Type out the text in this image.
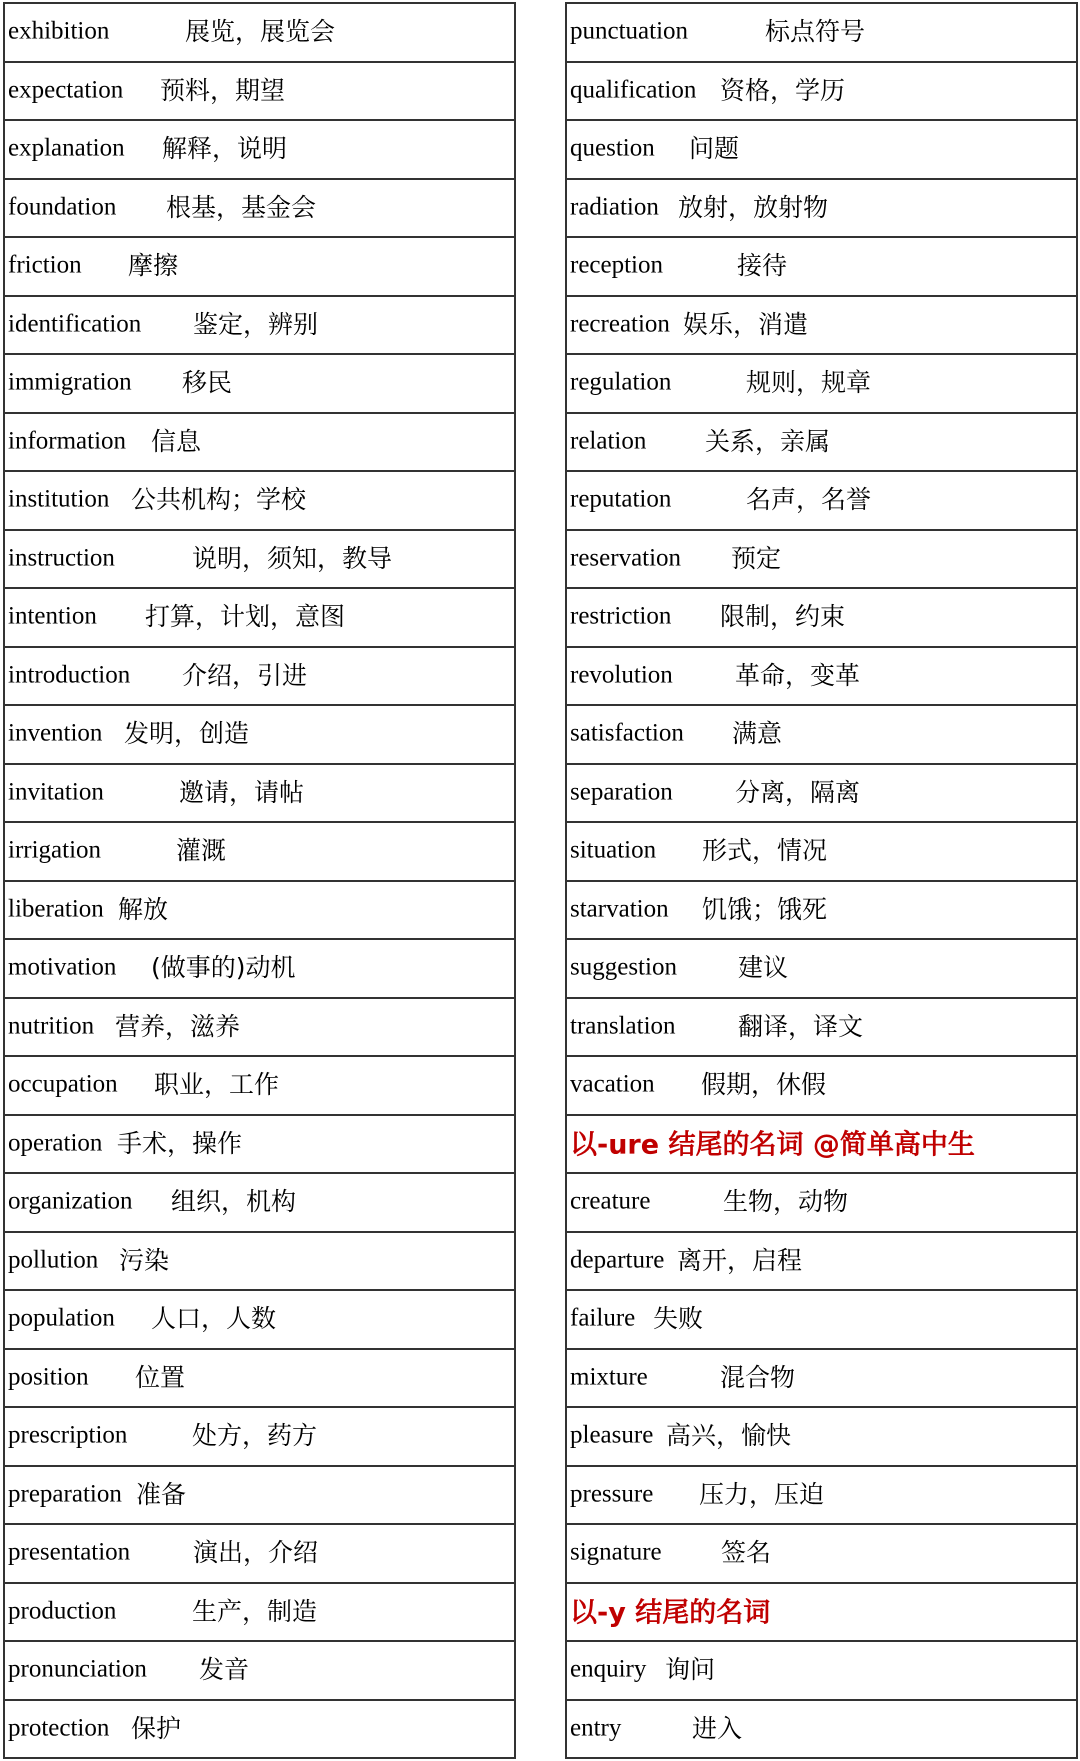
exhibition	展览，展览会
expectation 预料，期望
explanation 解释，说明
foundation 根基，基金会
friction 摩擦
identification 鉴定，辨别
immigration 移民
information 信息
institution 公共机构；学校
instruction	说明，须知，教导
intention 打算，计划，意图
introduction 介绍，引进
invention 发明，创造
invitation	邀请，请帖
irrigation	灌溉
liberation 解放
motivation (做事的)动机
nutrition 营养，滋养
occupation 职业，工作
operation 手术，操作
organization 组织，机构
pollution 污染
population 人口，人数
position 位置
prescription	处方，药方
preparation 准备
presentation	演出，介绍
production	生产，制造
pronunciation 发音
protection 保护
punctuation	标点符号
qualification 资格，学历
question 问题
radiation 放射，放射物
reception	接待
recreation 娱乐，消遣
regulation	规则，规章
relation 关系，亲属
reputation	名声，名誉
reservation 预定
restriction 限制，约束
revolution 革命，变革
satisfaction 满意
separation 分离，隔离
situation 形式，情况
starvation 饥饿；饿死
suggestion 建议
translation 翻译，译文
vacation 假期，休假
以-ure 结尾的名词 @简单高中生
creature	生物，动物
departure 离开，启程
failure 失败
mixture	混合物
pleasure 高兴，愉快
pressure 压力，压迫
signature 签名
以-y 结尾的名词
enquiry 询问
entry	进入
